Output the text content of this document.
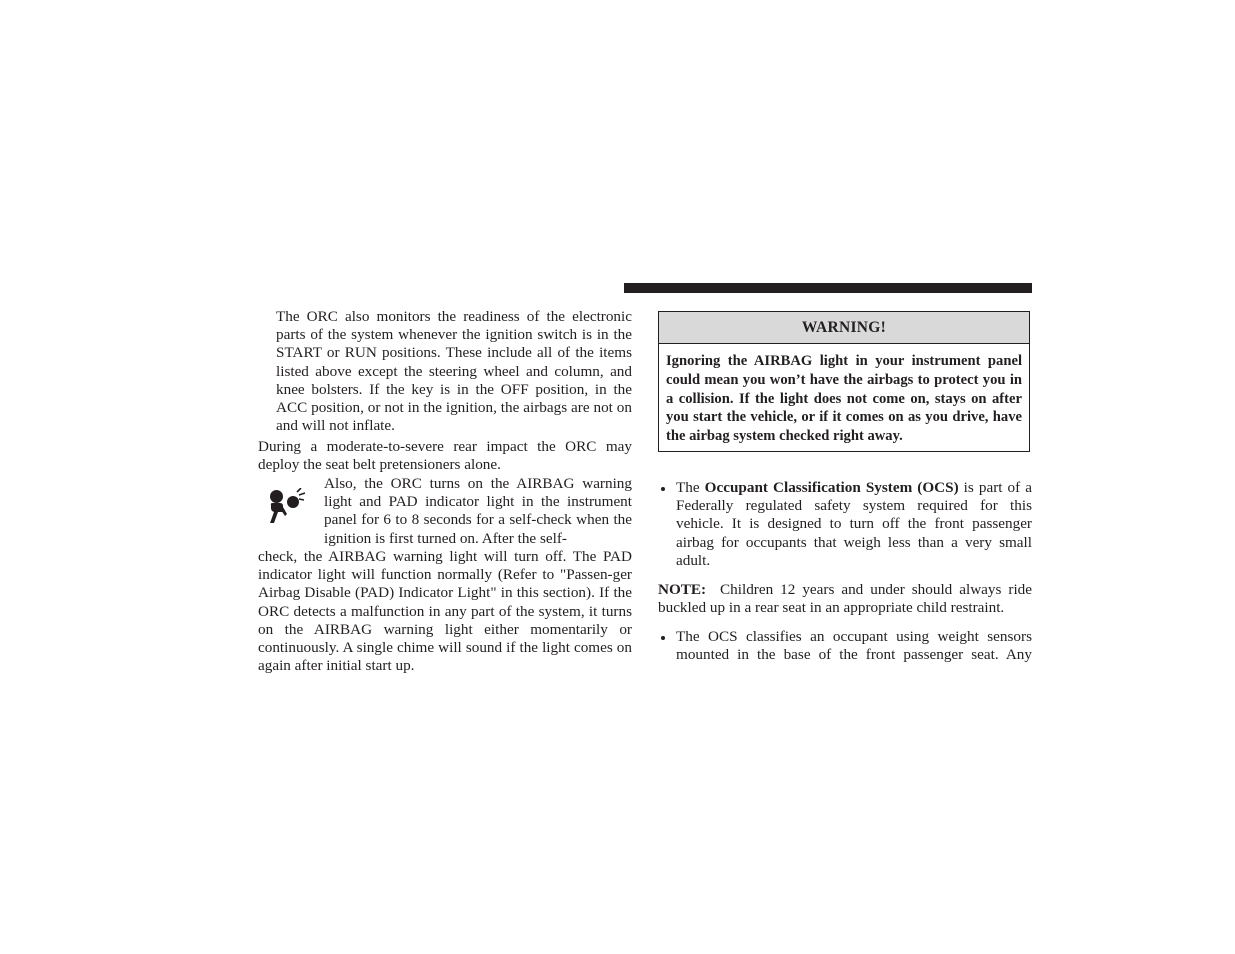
The ORC also monitors the readiness of the electronic parts of the system whenever the ignition switch is in the START or RUN positions. These include all of the items listed above except the steering wheel and column, and knee bolsters. If the key is in the OFF position, in the ACC position, or not in the ignition, the airbags are not on and will not inflate.

During a moderate-to-severe rear impact the ORC may deploy the seat belt pretensioners alone.

Also, the ORC turns on the AIRBAG warning light and PAD indicator light in the instrument panel for 6 to 8 seconds for a self-check when the ignition is first turned on. After the self-

check, the AIRBAG warning light will turn off. The PAD indicator light will function normally (Refer to "Passen-ger Airbag Disable (PAD) Indicator Light" in this section). If the ORC detects a malfunction in any part of the system, it turns on the AIRBAG warning light either momentarily or continuously. A single chime will sound if the light comes on again after initial start up.

WARNING!
Ignoring the AIRBAG light in your instrument panel could mean you won’t have the airbags to protect you in a collision. If the light does not come on, stays on after you start the vehicle, or if it comes on as you drive, have the airbag system checked right away.

The Occupant Classification System (OCS) is part of a Federally regulated safety system required for this vehicle. It is designed to turn off the front passenger airbag for occupants that weigh less than a very small adult.

NOTE: Children 12 years and under should always ride buckled up in a rear seat in an appropriate child restraint.

The OCS classifies an occupant using weight sensors mounted in the base of the front passenger seat. Any
